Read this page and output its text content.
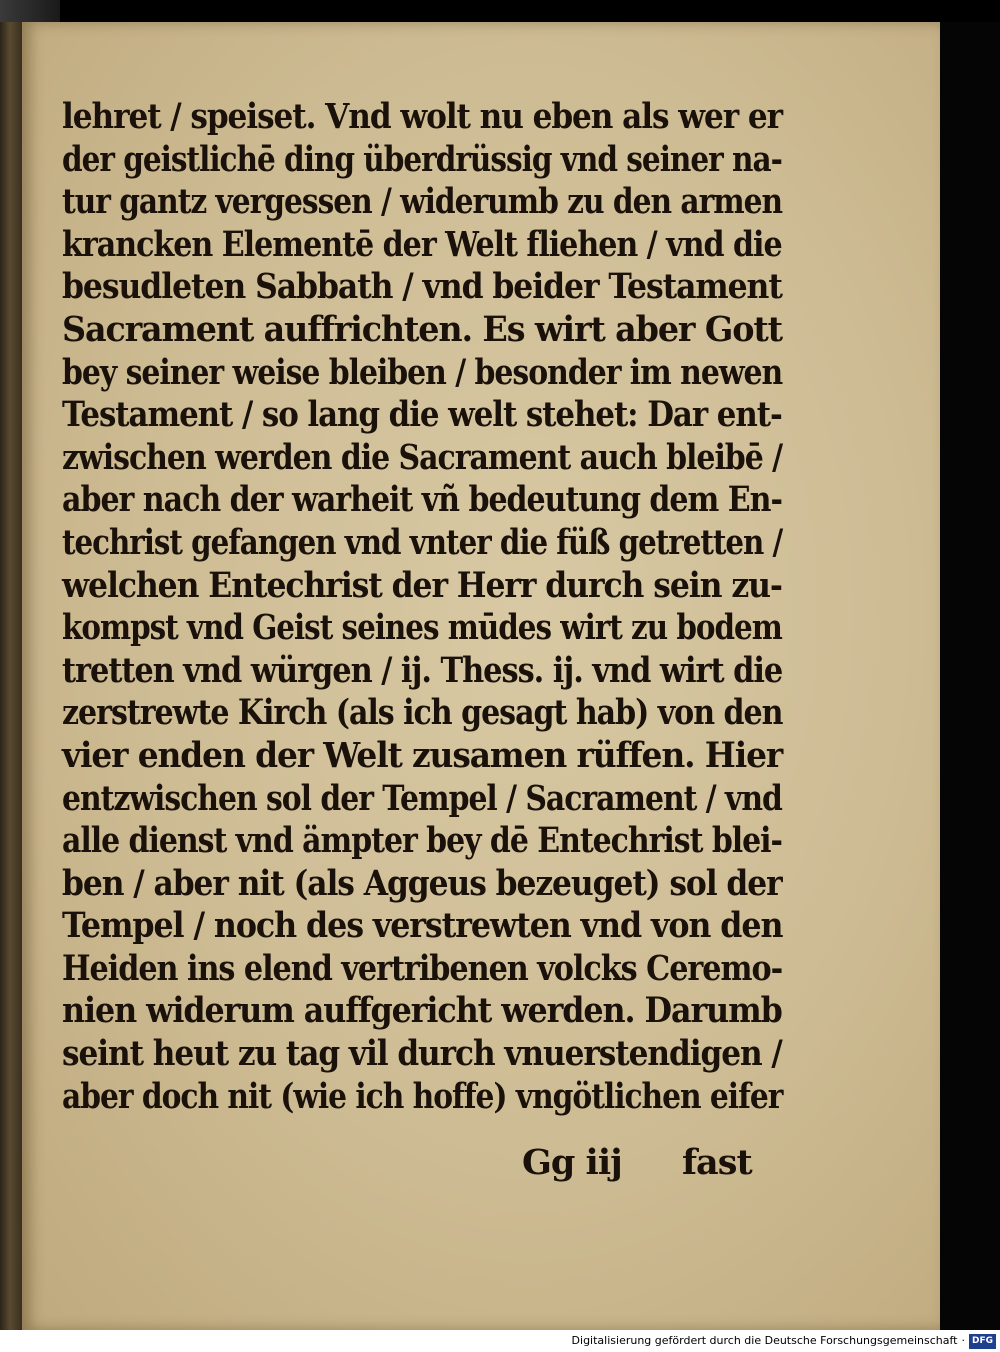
lehret / speiset. Vnd wolt nu eben als wer er
der geistlichē ding überdrüssig vnd seiner na-
tur gantz vergessen / widerumb zu den armen
krancken Elementē der Welt fliehen / vnd die
besudleten Sabbath / vnd beider Testament
Sacrament auffrichten. Es wirt aber Gott
bey seiner weise bleiben / besonder im newen
Testament / so lang die welt stehet: Dar ent-
zwischen werden die Sacrament auch bleibē /
aber nach der warheit vñ bedeutung dem En-
techrist gefangen vnd vnter die füß getretten /
welchen Entechrist der Herr durch sein zu-
kompst vnd Geist seines mūdes wirt zu bodem
tretten vnd würgen / ij. Thess. ij. vnd wirt die
zerstrewte Kirch (als ich gesagt hab) von den
vier enden der Welt zusamen rüffen. Hier
entzwischen sol der Tempel / Sacrament / vnd
alle dienst vnd ämpter bey dē Entechrist blei-
ben / aber nit (als Aggeus bezeuget) sol der
Tempel / noch des verstrewten vnd von den
Heiden ins elend vertribenen volcks Ceremo-
nien widerum auffgericht werden. Darumb
seint heut zu tag vil durch vnuerstendigen /
aber doch nit (wie ich hoffe) vngötlichen eifer
Gg iij fast
Digitalisierung gefördert durch die Deutsche Forschungsgemeinschaft · DFG
